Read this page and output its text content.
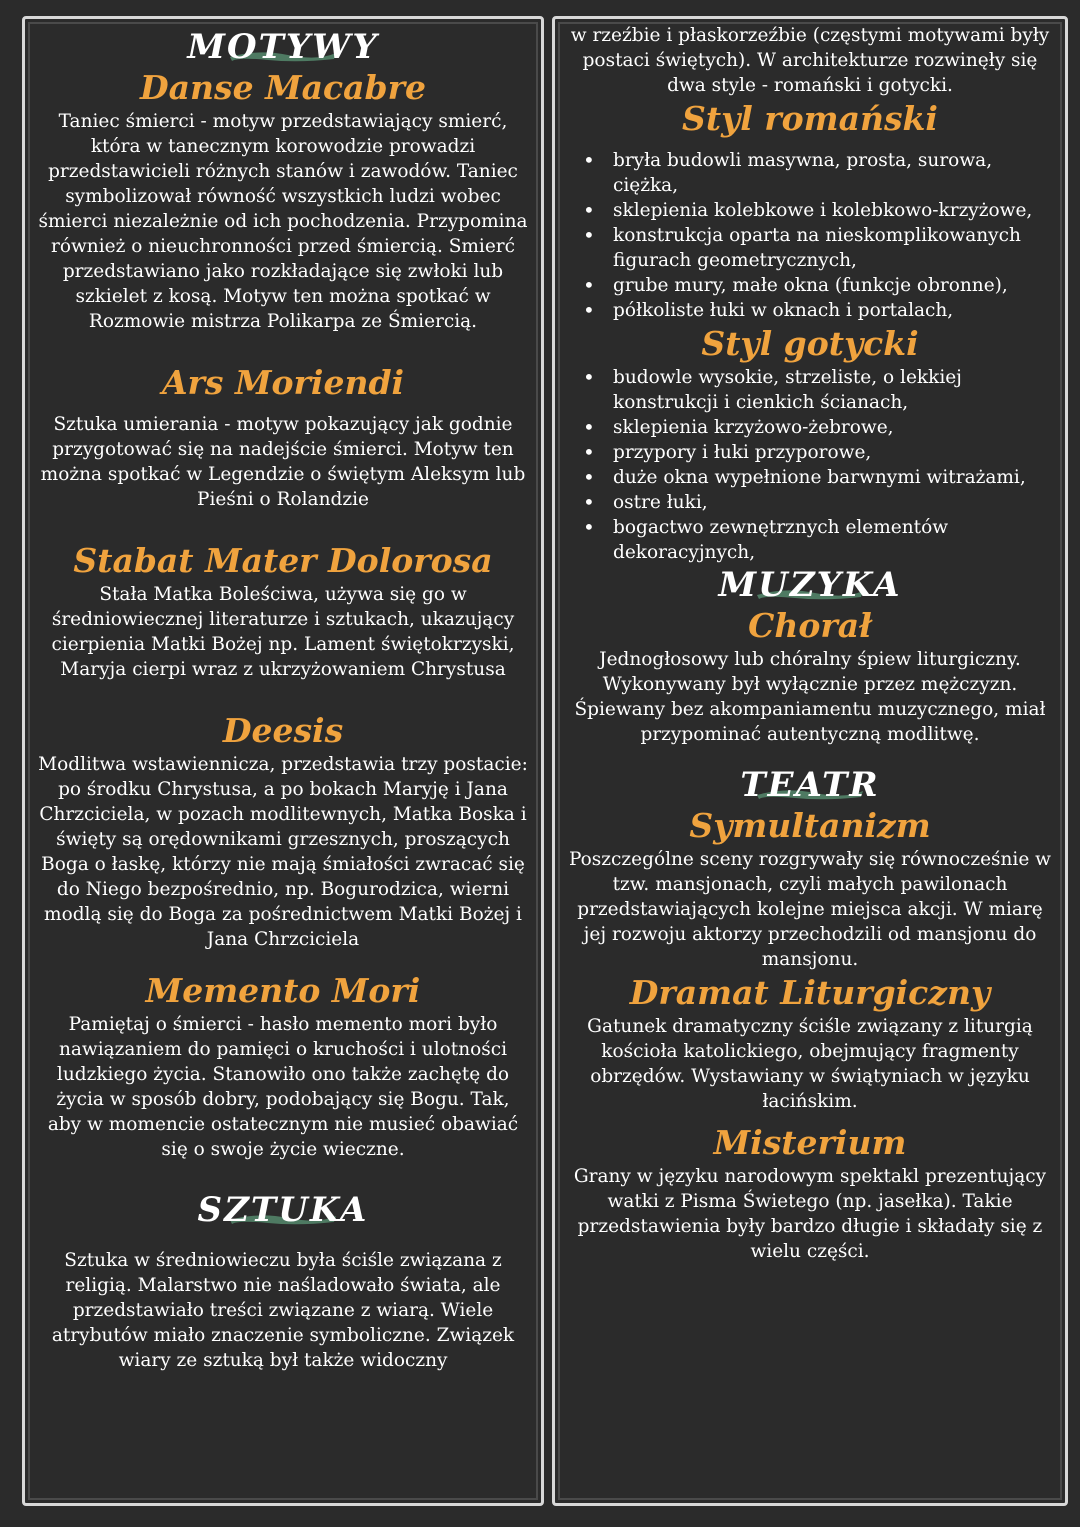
MOTYWY
Danse Macabre

Taniec śmierci - motyw przedstawiający smierć, która w tanecznym korowodzie prowadzi przedstawicieli różnych stanów i zawodów. Taniec symbolizował równość wszystkich ludzi wobec śmierci niezależnie od ich pochodzenia. Przypomina również o nieuchronności przed śmiercią. Smierć przedstawiano jako rozkładające się zwłoki lub szkielet z kosą. Motyw ten można spotkać w Rozmowie mistrza Polikarpa ze Śmiercią.

Ars Moriendi

Sztuka umierania - motyw pokazujący jak godnie przygotować się na nadejście śmierci. Motyw ten można spotkać w Legendzie o świętym Aleksym lub Pieśni o Rolandzie

Stabat Mater Dolorosa

Stała Matka Boleściwa, używa się go w średniowiecznej literaturze i sztukach, ukazujący cierpienia Matki Bożej np. Lament świętokrzyski, Maryja cierpi wraz z ukrzyżowaniem Chrystusa

Deesis

Modlitwa wstawiennicza, przedstawia trzy postacie: po środku Chrystusa, a po bokach Maryję i Jana Chrzciciela, w pozach modlitewnych, Matka Boska i święty są orędownikami grzesznych, proszących Boga o łaskę, którzy nie mają śmiałości zwracać się do Niego bezpośrednio, np. Bogurodzica, wierni modlą się do Boga za pośrednictwem Matki Bożej i Jana Chrzciciela

Memento Mori

Pamiętaj o śmierci - hasło memento mori było nawiązaniem do pamięci o kruchości i ulotności ludzkiego życia. Stanowiło ono także zachętę do życia w sposób dobry, podobający się Bogu. Tak, aby w momencie ostatecznym nie musieć obawiać się o swoje życie wieczne.

SZTUKA

Sztuka w średniowieczu była ściśle związana z religią. Malarstwo nie naśladowało świata, ale przedstawiało treści związane z wiarą. Wiele atrybutów miało znaczenie symboliczne. Związek wiary ze sztuką był także widoczny

w rzeźbie i płaskorzeźbie (częstymi motywami były postaci świętych). W architekturze rozwinęły się dwa style - romański i gotycki.

Styl romański
• bryła budowli masywna, prosta, surowa, ciężka,
• sklepienia kolebkowe i kolebkowo-krzyżowe,
• konstrukcja oparta na nieskomplikowanych figurach geometrycznych,
• grube mury, małe okna (funkcje obronne),
• półkoliste łuki w oknach i portalach,
Styl gotycki
• budowle wysokie, strzeliste, o lekkiej konstrukcji i cienkich ścianach,
• sklepienia krzyżowo-żebrowe,
• przypory i łuki przyporowe,
• duże okna wypełnione barwnymi witrażami,
• ostre łuki,
• bogactwo zewnętrznych elementów dekoracyjnych,
MUZYKA
Chorał

Jednogłosowy lub chóralny śpiew liturgiczny. Wykonywany był wyłącznie przez mężczyzn. Śpiewany bez akompaniamentu muzycznego, miał przypominać autentyczną modlitwę.

TEATR
Symultanizm

Poszczególne sceny rozgrywały się równocześnie w tzw. mansjonach, czyli małych pawilonach przedstawiających kolejne miejsca akcji. W miarę jej rozwoju aktorzy przechodzili od mansjonu do mansjonu.

Dramat Liturgiczny

Gatunek dramatyczny ściśle związany z liturgią kościoła katolickiego, obejmujący fragmenty obrzędów. Wystawiany w świątyniach w języku łacińskim.

Misterium

Grany w języku narodowym spektakl prezentujący watki z Pisma Świetego (np. jasełka). Takie przedstawienia były bardzo długie i składały się z wielu części.
